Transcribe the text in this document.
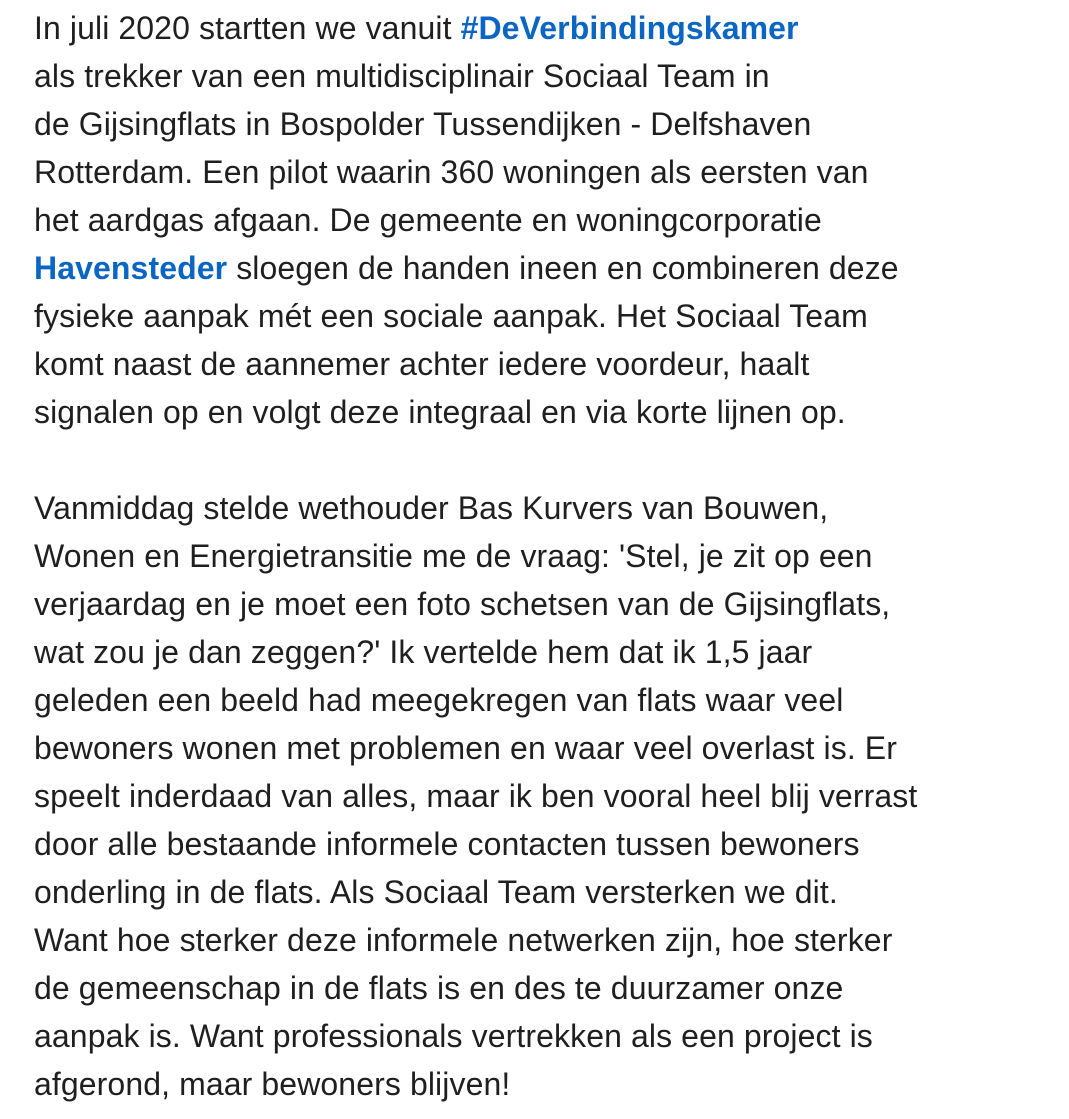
In juli 2020 startten we vanuit #DeVerbindingskamer
als trekker van een multidisciplinair Sociaal Team in
de Gijsingflats in Bospolder Tussendijken - Delfshaven
Rotterdam. Een pilot waarin 360 woningen als eersten van
het aardgas afgaan. De gemeente en woningcorporatie
Havensteder sloegen de handen ineen en combineren deze
fysieke aanpak mét een sociale aanpak. Het Sociaal Team
komt naast de aannemer achter iedere voordeur, haalt
signalen op en volgt deze integraal en via korte lijnen op.
Vanmiddag stelde wethouder Bas Kurvers van Bouwen,
Wonen en Energietransitie me de vraag: 'Stel, je zit op een
verjaardag en je moet een foto schetsen van de Gijsingflats,
wat zou je dan zeggen?' Ik vertelde hem dat ik 1,5 jaar
geleden een beeld had meegekregen van flats waar veel
bewoners wonen met problemen en waar veel overlast is. Er
speelt inderdaad van alles, maar ik ben vooral heel blij verrast
door alle bestaande informele contacten tussen bewoners
onderling in de flats. Als Sociaal Team versterken we dit.
Want hoe sterker deze informele netwerken zijn, hoe sterker
de gemeenschap in de flats is en des te duurzamer onze
aanpak is. Want professionals vertrekken als een project is
afgerond, maar bewoners blijven!
